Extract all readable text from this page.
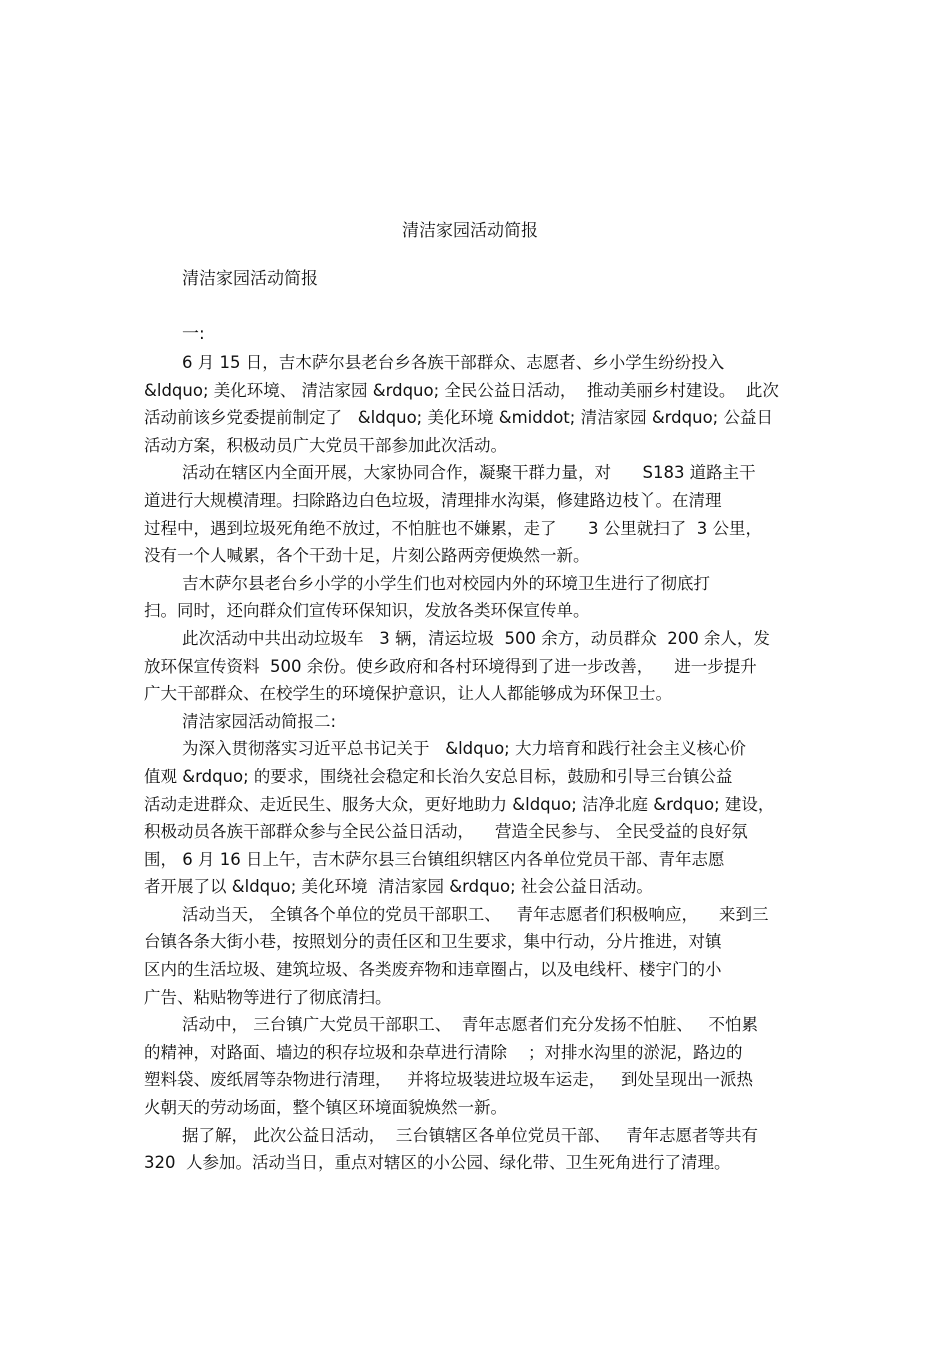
清洁家园活动简报
清洁家园活动简报
一:
6 月 15 日，吉木萨尔县老台乡各族干部群众、志愿者、乡小学生纷纷投入
&ldquo; 美化环境、 清洁家园 &rdquo; 全民公益日活动，  推动美丽乡村建设。  此次
活动前该乡党委提前制定了   &ldquo; 美化环境 &middot; 清洁家园 &rdquo; 公益日
活动方案，积极动员广大党员干部参加此次活动。
活动在辖区内全面开展，大家协同合作，凝聚干群力量，对      S183 道路主干
道进行大规模清理。扫除路边白色垃圾，清理排水沟渠，修建路边枝丫。在清理
过程中，遇到垃圾死角绝不放过，不怕脏也不嫌累，走了      3 公里就扫了  3 公里，
没有一个人喊累，各个干劲十足，片刻公路两旁便焕然一新。
吉木萨尔县老台乡小学的小学生们也对校园内外的环境卫生进行了彻底打
扫。同时，还向群众们宣传环保知识，发放各类环保宣传单。
此次活动中共出动垃圾车   3 辆，清运垃圾  500 余方，动员群众  200 余人，发
放环保宣传资料  500 余份。使乡政府和各村环境得到了进一步改善，    进一步提升
广大干部群众、在校学生的环境保护意识，让人人都能够成为环保卫士。
清洁家园活动简报二:
为深入贯彻落实习近平总书记关于   &ldquo; 大力培育和践行社会主义核心价
值观 &rdquo; 的要求，围绕社会稳定和长治久安总目标，鼓励和引导三台镇公益
活动走进群众、走近民生、服务大众，更好地助力 &ldquo; 洁净北庭 &rdquo; 建设，
积极动员各族干部群众参与全民公益日活动，    营造全民参与、 全民受益的良好氛
围， 6 月 16 日上午，吉木萨尔县三台镇组织辖区内各单位党员干部、青年志愿
者开展了以 &ldquo; 美化环境  清洁家园 &rdquo; 社会公益日活动。
活动当天， 全镇各个单位的党员干部职工、   青年志愿者们积极响应，    来到三
台镇各条大街小巷，按照划分的责任区和卫生要求，集中行动，分片推进，对镇
区内的生活垃圾、建筑垃圾、各类废弃物和违章圈占，以及电线杆、楼宇门的小
广告、粘贴物等进行了彻底清扫。
活动中， 三台镇广大党员干部职工、  青年志愿者们充分发扬不怕脏、   不怕累
的精神，对路面、墙边的积存垃圾和杂草进行清除    ；对排水沟里的淤泥，路边的
塑料袋、废纸屑等杂物进行清理，   并将垃圾装进垃圾车运走，   到处呈现出一派热
火朝天的劳动场面，整个镇区环境面貌焕然一新。
据了解， 此次公益日活动，  三台镇辖区各单位党员干部、   青年志愿者等共有
320  人参加。活动当日，重点对辖区的小公园、绿化带、卫生死角进行了清理。
